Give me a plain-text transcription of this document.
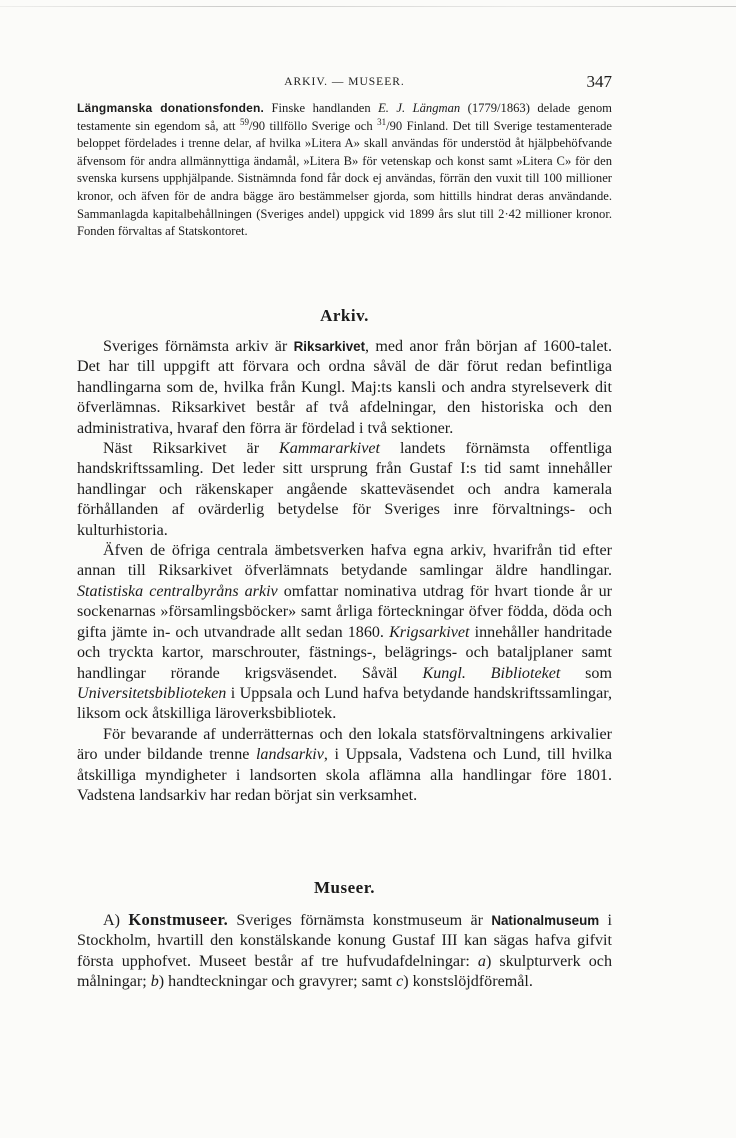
ARKIV. — MUSEER.	347

Längmanska donationsfonden. Finske handlanden E. J. Längman (1779/1863) delade genom testamente sin egendom så, att $^{59}$/90 tillföllo Sverige och $^{31}$/90 Finland. Det till Sverige testamenterade beloppet fördelades i trenne delar, af hvilka »Litera A» skall användas för understöd åt hjälpbehöfvande äfvensom för andra allmännyttiga ändamål, »Litera B» för vetenskap och konst samt »Litera C» för den svenska kursens upphjälpande. Sistnämnda fond får dock ej användas, förrän den vuxit till 100 millioner kronor, och äfven för de andra bägge äro bestämmelser gjorda, som hittills hindrat deras användande. Sammanlagda kapitalbehållningen (Sveriges andel) uppgick vid 1899 års slut till 2·42 millioner kronor. Fonden förvaltas af Statskontoret.

Arkiv.

Sveriges förnämsta arkiv är Riksarkivet, med anor från början af 1600-talet. Det har till uppgift att förvara och ordna såväl de där förut redan befintliga handlingarna som de, hvilka från Kungl. Maj:ts kansli och andra styrelseverk dit öfverlämnas. Riksarkivet består af två afdelningar, den historiska och den administrativa, hvaraf den förra är fördelad i två sektioner.

Näst Riksarkivet är Kammararkivet landets förnämsta offentliga handskriftssamling. Det leder sitt ursprung från Gustaf I:s tid samt innehåller handlingar och räkenskaper angående skatteväsendet och andra kamerala förhållanden af ovärderlig betydelse för Sveriges inre förvaltnings- och kulturhistoria.

Äfven de öfriga centrala ämbetsverken hafva egna arkiv, hvarifrån tid efter annan till Riksarkivet öfverlämnats betydande samlingar äldre handlingar. Statistiska centralbyråns arkiv omfattar nominativa utdrag för hvart tionde år ur sockenarnas »församlingsböcker» samt årliga förteckningar öfver födda, döda och gifta jämte in- och utvandrade allt sedan 1860. Krigsarkivet innehåller handritade och tryckta kartor, marschrouter, fästnings-, belägrings- och bataljplaner samt handlingar rörande krigsväsendet. Såväl Kungl. Biblioteket som Universitetsbiblioteken i Uppsala och Lund hafva betydande handskriftssamlingar, liksom ock åtskilliga läroverksbibliotek.

För bevarande af underrätternas och den lokala statsförvaltningens arkivalier äro under bildande trenne landsarkiv, i Uppsala, Vadstena och Lund, till hvilka åtskilliga myndigheter i landsorten skola aflämna alla handlingar före 1801. Vadstena landsarkiv har redan börjat sin verksamhet.

Museer.

A) Konstmuseer. Sveriges förnämsta konstmuseum är Nationalmuseum i Stockholm, hvartill den konstälskande konung Gustaf III kan sägas hafva gifvit första upphofvet. Museet består af tre hufvudafdelningar: a) skulpturverk och målningar; b) handteckningar och gravyrer; samt c) konstslöjdföremål.
